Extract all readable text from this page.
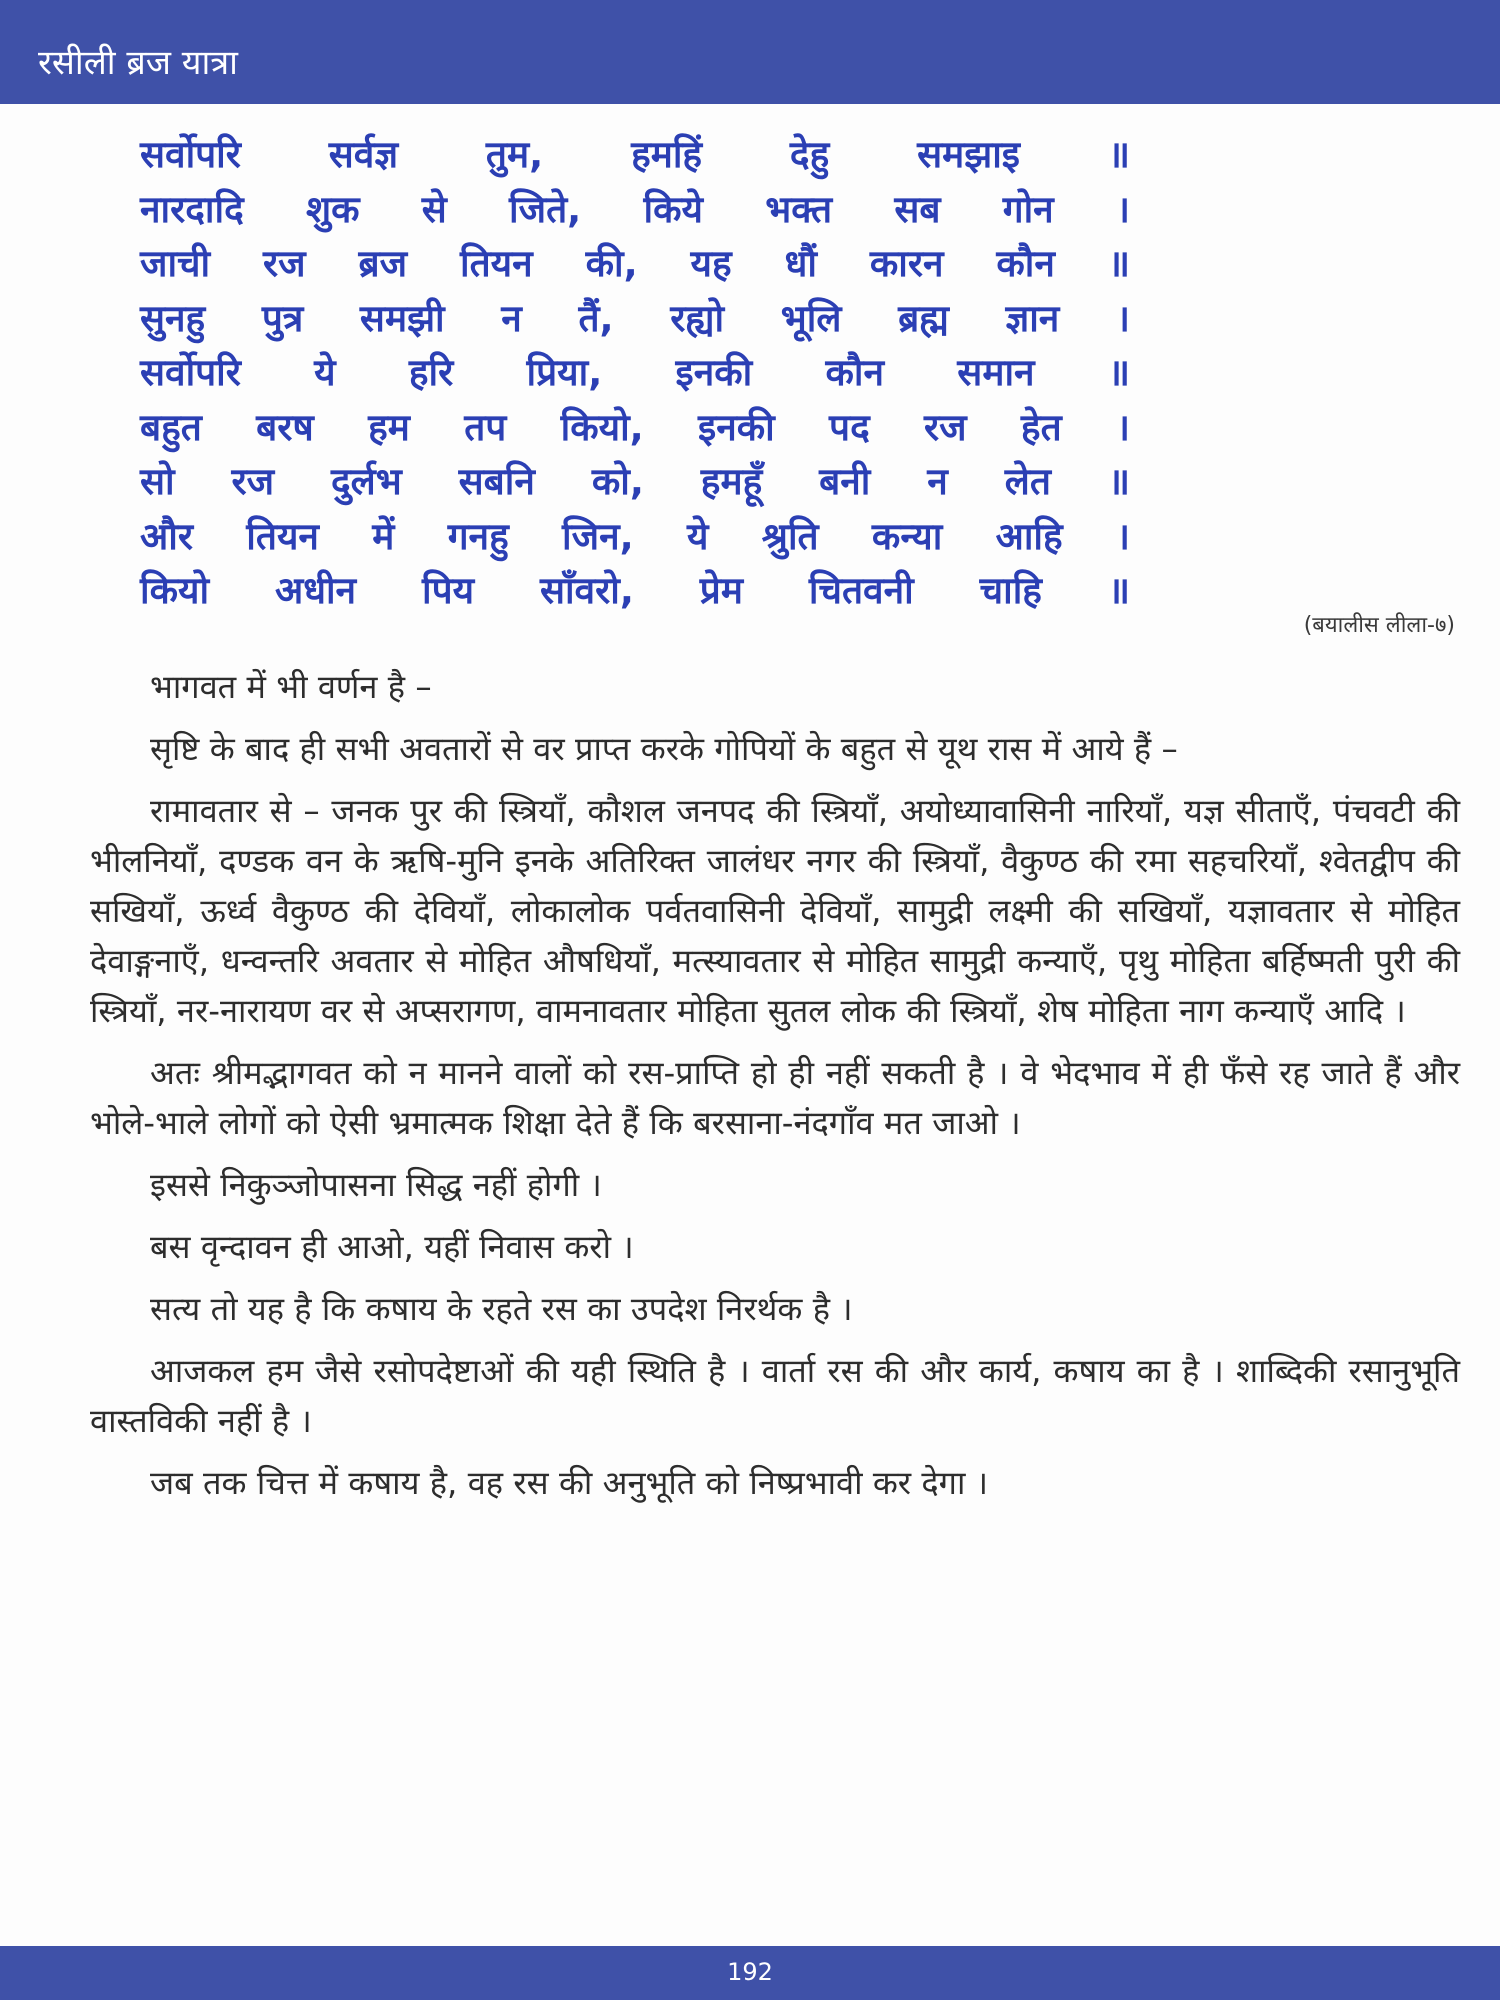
रसीली ब्रज यात्रा
सर्वोपरि सर्वज्ञ तुम, हमहिं देहु समझाइ ॥
नारदादि शुक से जिते, किये भक्त सब गोन ।
जाची रज ब्रज तियन की, यह धौं कारन कौन ॥
सुनहु पुत्र समझी न तैं, रह्यो भूलि ब्रह्म ज्ञान ।
सर्वोपरि ये हरि प्रिया, इनकी कौन समान ॥
बहुत बरष हम तप कियो, इनकी पद रज हेत ।
सो रज दुर्लभ सबनि को, हमहूँ बनी न लेत ॥
और तियन में गनहु जिन, ये श्रुति कन्या आहि ।
कियो अधीन पिय साँवरो, प्रेम चितवनी चाहि ॥
(बयालीस लीला-७)

भागवत में भी वर्णन है –

सृष्टि के बाद ही सभी अवतारों से वर प्राप्त करके गोपियों के बहुत से यूथ रास में आये हैं –

रामावतार से – जनक पुर की स्त्रियाँ, कौशल जनपद की स्त्रियाँ, अयोध्यावासिनी नारियाँ, यज्ञ सीताएँ, पंचवटी की भीलनियाँ, दण्डक वन के ऋषि-मुनि इनके अतिरिक्त जालंधर नगर की स्त्रियाँ, वैकुण्ठ की रमा सहचरियाँ, श्वेतद्वीप की सखियाँ, ऊर्ध्व वैकुण्ठ की देवियाँ, लोकालोक पर्वतवासिनी देवियाँ, सामुद्री लक्ष्मी की सखियाँ, यज्ञावतार से मोहित देवाङ्गनाएँ, धन्वन्तरि अवतार से मोहित औषधियाँ, मत्स्यावतार से मोहित सामुद्री कन्याएँ, पृथु मोहिता बर्हिष्मती पुरी की स्त्रियाँ, नर-नारायण वर से अप्सरागण, वामनावतार मोहिता सुतल लोक की स्त्रियाँ, शेष मोहिता नाग कन्याएँ आदि ।

अतः श्रीमद्भागवत को न मानने वालों को रस-प्राप्ति हो ही नहीं सकती है । वे भेदभाव में ही फँसे रह जाते हैं और भोले-भाले लोगों को ऐसी भ्रमात्मक शिक्षा देते हैं कि बरसाना-नंदगाँव मत जाओ ।

इससे निकुञ्जोपासना सिद्ध नहीं होगी ।

बस वृन्दावन ही आओ, यहीं निवास करो ।

सत्य तो यह है कि कषाय के रहते रस का उपदेश निरर्थक है ।

आजकल हम जैसे रसोपदेष्टाओं की यही स्थिति है । वार्ता रस की और कार्य, कषाय का है । शाब्दिकी रसानुभूति वास्तविकी नहीं है ।

जब तक चित्त में कषाय है, वह रस की अनुभूति को निष्प्रभावी कर देगा ।

192
